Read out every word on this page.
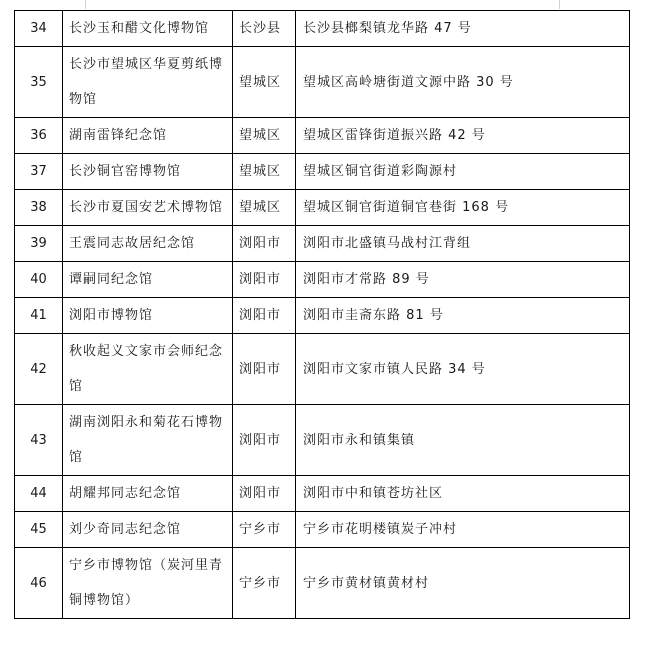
34	长沙玉和醋文化博物馆	长沙县	长沙县榔梨镇龙华路 47 号
35	长沙市望城区华夏剪纸博物馆	望城区	望城区高岭塘街道文源中路 30 号
36	湖南雷锋纪念馆	望城区	望城区雷锋街道振兴路 42 号
37	长沙铜官窑博物馆	望城区	望城区铜官街道彩陶源村
38	长沙市夏国安艺术博物馆	望城区	望城区铜官街道铜官巷街 168 号
39	王震同志故居纪念馆	浏阳市	浏阳市北盛镇马战村江背组
40	谭嗣同纪念馆	浏阳市	浏阳市才常路 89 号
41	浏阳市博物馆	浏阳市	浏阳市圭斋东路 81 号
42	秋收起义文家市会师纪念馆	浏阳市	浏阳市文家市镇人民路 34 号
43	湖南浏阳永和菊花石博物馆	浏阳市	浏阳市永和镇集镇
44	胡耀邦同志纪念馆	浏阳市	浏阳市中和镇苍坊社区
45	刘少奇同志纪念馆	宁乡市	宁乡市花明楼镇炭子冲村
46	宁乡市博物馆（炭河里青铜博物馆）	宁乡市	宁乡市黄材镇黄材村
